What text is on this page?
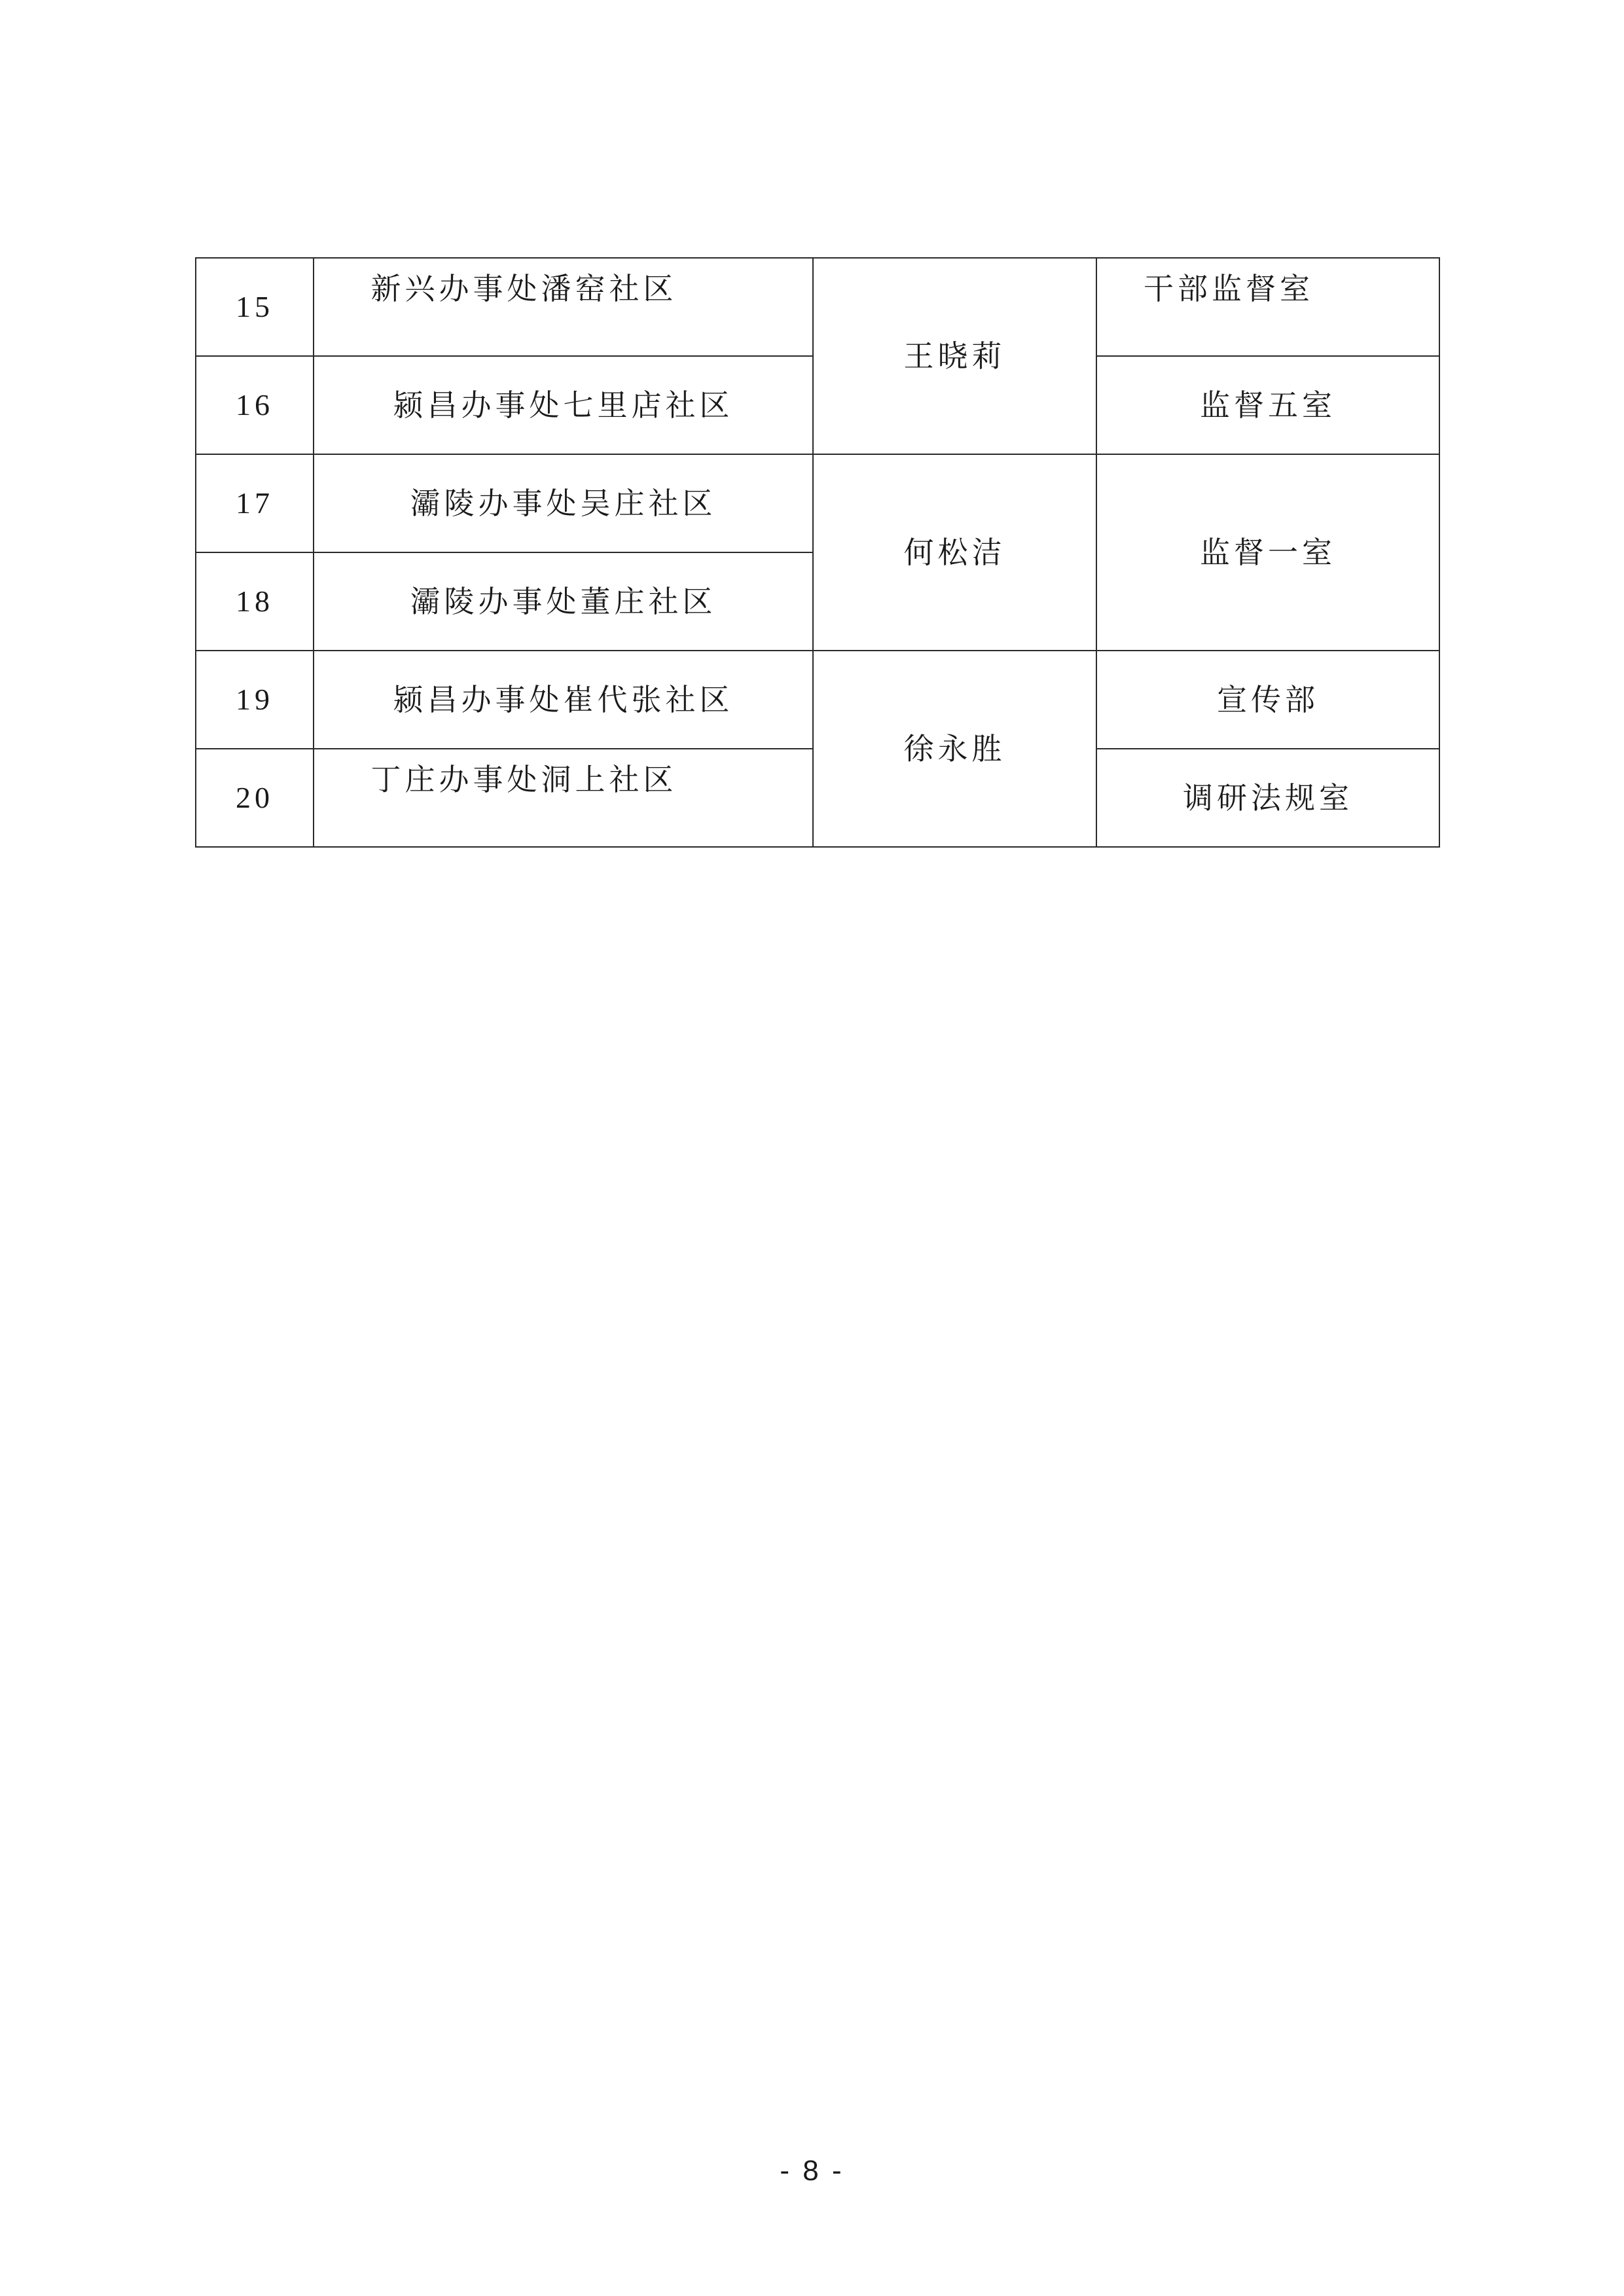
15	新兴办事处潘窑社区	王晓莉	干部监督室
16	颍昌办事处七里店社区		监督五室
17	灞陵办事处吴庄社区	何松洁	监督一室
18	灞陵办事处董庄社区		
19	颍昌办事处崔代张社区	徐永胜	宣传部
20	丁庄办事处洞上社区		调研法规室
- 8 -
